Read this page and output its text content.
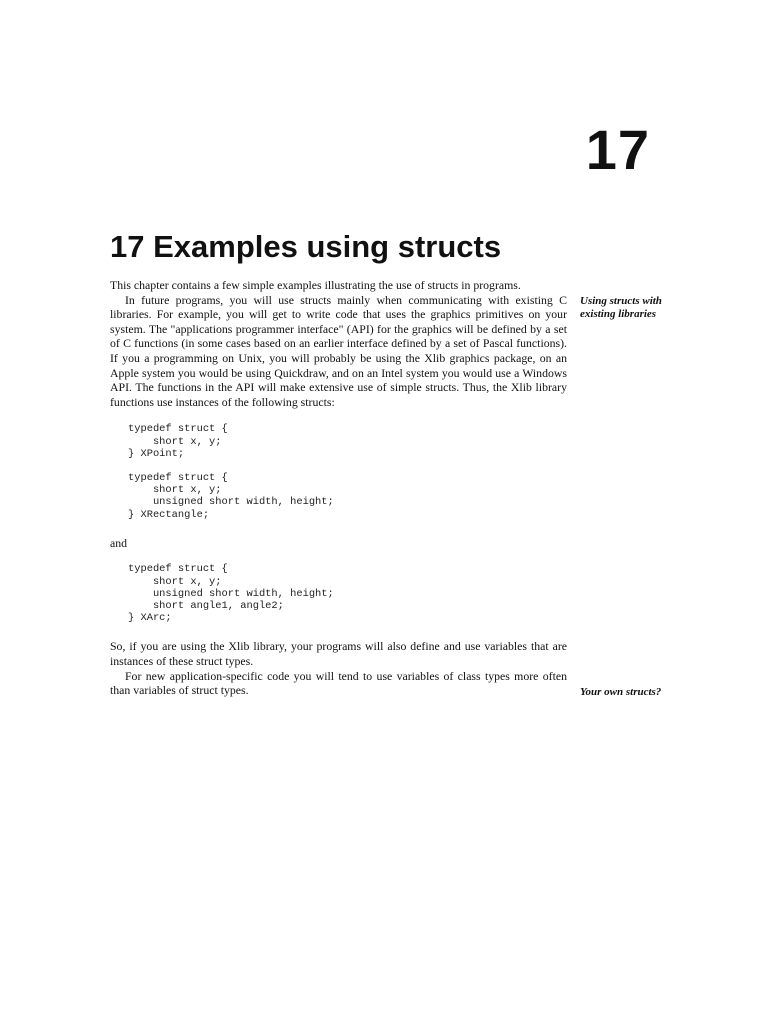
17
17 Examples using structs

This chapter contains a few simple examples illustrating the use of structs in programs.

In future programs, you will use structs mainly when communicating with existing C libraries. For example, you will get to write code that uses the graphics primitives on your system. The "applications programmer interface" (API) for the graphics will be defined by a set of C functions (in some cases based on an earlier interface defined by a set of Pascal functions). If you a programming on Unix, you will probably be using the Xlib graphics package, on an Apple system you would be using Quickdraw, and on an Intel system you would use a Windows API. The functions in the API will make extensive use of simple structs. Thus, the Xlib library functions use instances of the following structs:

typedef struct {
short x, y;
} XPoint;
typedef struct {
short x, y;
unsigned short width, height;
} XRectangle;

and

typedef struct {
short x, y;
unsigned short width, height;
short angle1, angle2;
} XArc;

So, if you are using the Xlib library, your programs will also define and use variables that are instances of these struct types.

For new application-specific code you will tend to use variables of class types more often than variables of struct types.

Using structs with existing libraries
Your own structs?
